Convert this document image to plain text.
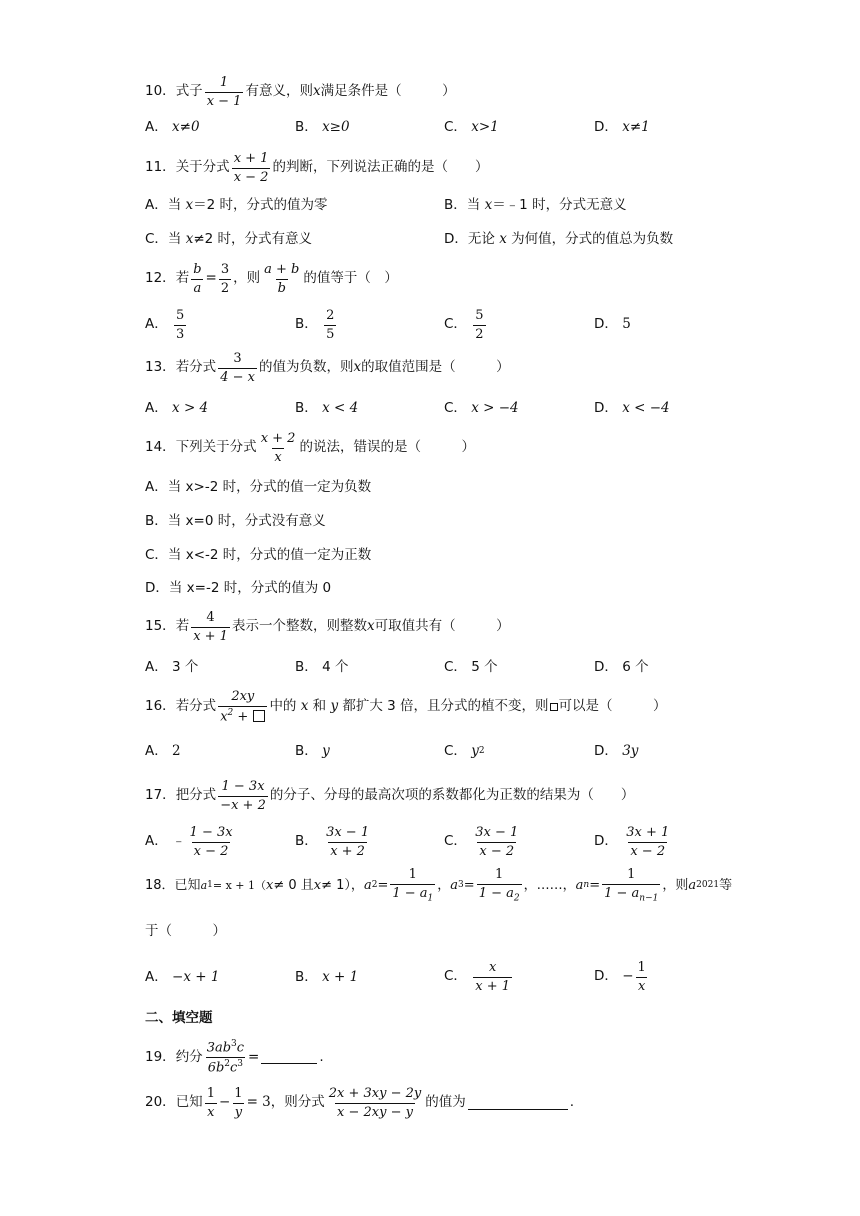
10． 式子 $\frac{1}{x - 1}$ 有意义，则 x 满足条件是（　　　）
A．
x≠0	B．
x≥0	C．
x>1	D．
x≠1
11． 关于分式 $\frac{x + 1}{x - 2}$ 的判断，下列说法正确的是（　　）
A．当
x ＝2 时，分式的值为零	B．当
x ＝﹣1 时，分式无意义
C．当
x ≠2 时，分式有意义	D．无论
x
为何值，分式的值总为负数
12． 若 $\frac{b}{a} = \frac{3}{2}$ ，则 $\frac{a + b}{b}$ 的值等于（　）
A．
$\frac{5}{3}$	B．
$\frac{2}{5}$	C．
$\frac{5}{2}$	D．
5
13． 若分式 $\frac{3}{4 - x}$ 的值为负数，则 x 的取值范围是（　　　）
A．
x > 4	B．
x < 4	C．
x > −4	D．
x < −4
14． 下列关于分式 $\frac{x + 2}{x}$ 的说法，错误的是（　　　）
A．当 x>-2 时，分式的值一定为负数
B．当 x=0 时，分式没有意义
C．当 x<-2 时，分式的值一定为正数
D．当 x=-2 时，分式的值为 0
15． 若 $\frac{4}{x + 1}$ 表示一个整数，则整数 x 可取值共有（　　　）
A．
3 个	B．
4 个	C．
5 个	D．
6 个
16． 若分式 $\frac{2xy}{x^2 +}$ 中的
x
和
y
都扩大 3 倍，且分式的植不变，则 可以是（　　　）
A．
2	B．
y	C．
y 2	D．
3y
17． 把分式 $\frac{1 - 3x}{-x + 2}$ 的分子、分母的最高次项的系数都化为正数的结果为（　　）
A．
﹣ $\frac{1 - 3x}{x - 2}$	B．
$\frac{3x - 1}{x + 2}$	C．
$\frac{3x - 1}{x - 2}$	D．
$\frac{3x + 1}{x - 2}$
18． 已知 a 1 = x + 1（ x ≠ 0 且 x ≠ 1 ）， a $2 = \frac{1}{1 - a_1}$ ， a $3 = \frac{1}{1 - a_2}$ ， ……， a $n = \frac{1}{1 - a_{n-1}}$ ，则 a 2021 等
于（　　　）
A．
−x + 1	B．
x + 1	C．
$\frac{x}{x + 1}$	D．
− $\frac{1}{x}$
二、填空题
19． 约分 $\frac{3ab^3c}{6b^2c^3}$ =	.
20． 已知 $\frac{1}{x} - \frac{1}{y} = 3$ ，则分式 $\frac{2x + 3xy - 2y}{x - 2xy - y}$ 的值为	.
